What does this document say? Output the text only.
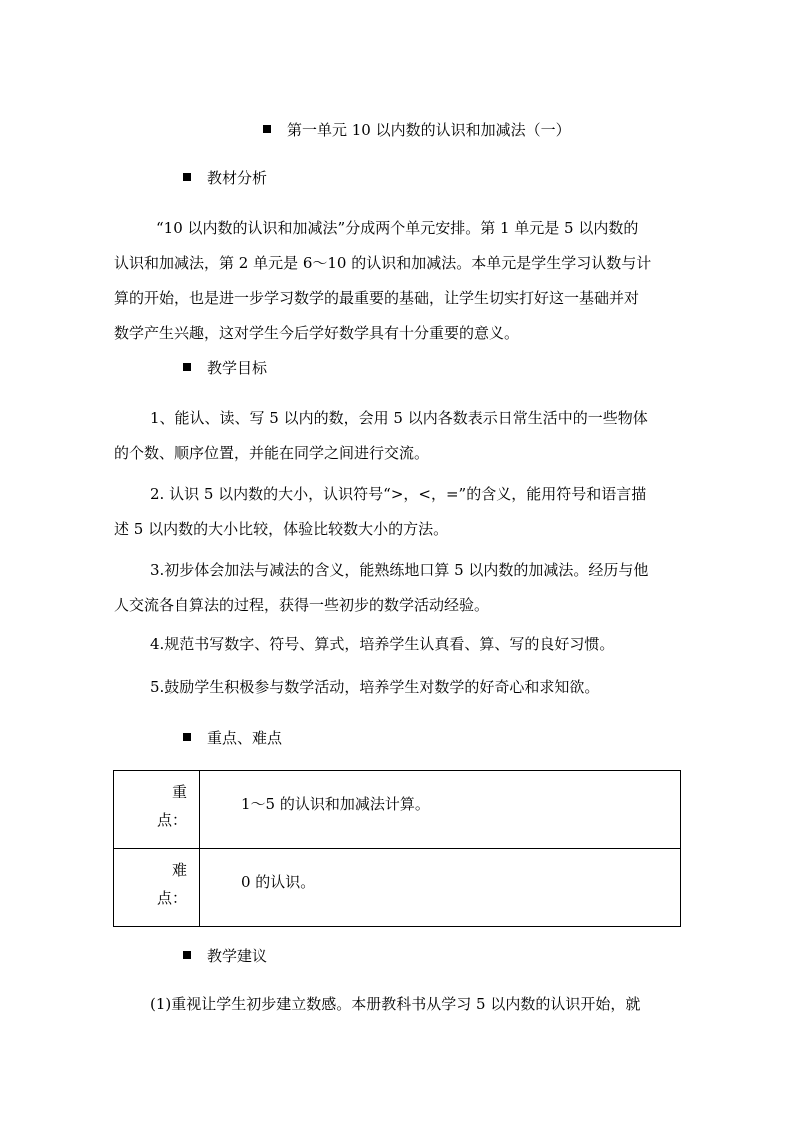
第一单元 10 以内数的认识和加减法（一）
教材分析
“10 以内数的认识和加减法”分成两个单元安排。第 1 单元是 5 以内数的
认识和加减法，第 2 单元是 6～10 的认识和加减法。本单元是学生学习认数与计
算的开始，也是进一步学习数学的最重要的基础，让学生切实打好这一基础并对
数学产生兴趣，这对学生今后学好数学具有十分重要的意义。
教学目标
1、能认、读、写 5 以内的数，会用 5 以内各数表示日常生活中的一些物体
的个数、顺序位置，并能在同学之间进行交流。
2. 认识 5 以内数的大小，认识符号“>，<，=”的含义，能用符号和语言描
述 5 以内数的大小比较，体验比较数大小的方法。
3.初步体会加法与减法的含义，能熟练地口算 5 以内数的加减法。经历与他
人交流各自算法的过程，获得一些初步的数学活动经验。
4.规范书写数字、符号、算式，培养学生认真看、算、写的良好习惯。
5.鼓励学生积极参与数学活动，培养学生对数学的好奇心和求知欲。
重点、难点
重
点：	1～5 的认识和加减法计算。

难
点：	0 的认识。
教学建议
(1)重视让学生初步建立数感。本册教科书从学习 5 以内数的认识开始，就
